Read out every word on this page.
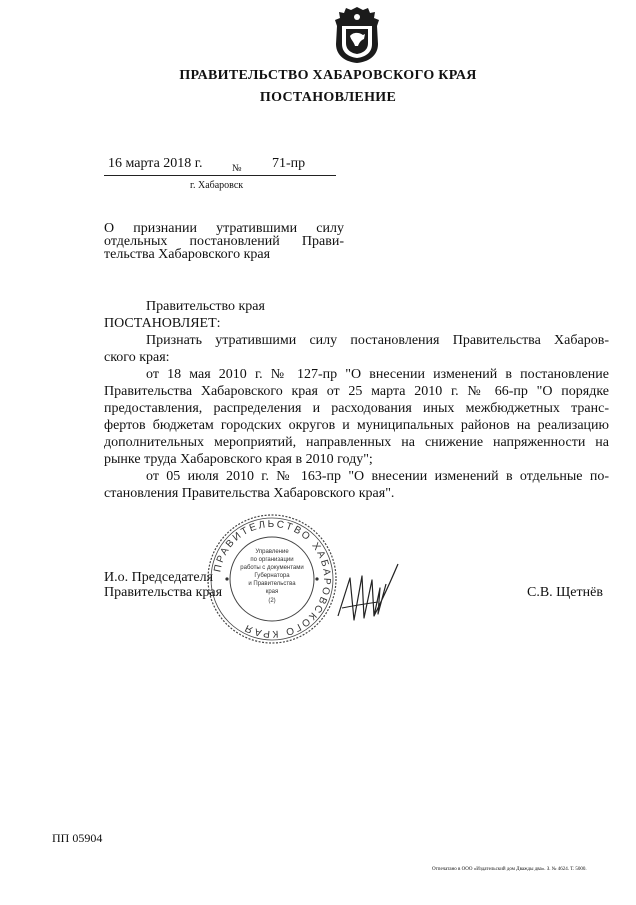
ПРАВИТЕЛЬСТВО ХАБАРОВСКОГО КРАЯ
ПОСТАНОВЛЕНИЕ
16 марта 2018 г.	№ 71-пр
г. Хабаровск
О признании утратившими силу
отдельных постановлений Прави-
тельства Хабаровского края
Правительство края
ПОСТАНОВЛЯЕТ:
Признать утратившими силу постановления Правительства Хабаров-
ского края:
от 18 мая 2010 г. № 127-пр "О внесении изменений в постановление
Правительства Хабаровского края от 25 марта 2010 г. № 66-пр "О порядке
предоставления, распределения и расходования иных межбюджетных транс-
фертов бюджетам городских округов и муниципальных районов на реализацию
дополнительных мероприятий, направленных на снижение напряженности на
рынке труда Хабаровского края в 2010 году";
от 05 июля 2010 г. № 163-пр "О внесении изменений в отдельные по-
становления Правительства Хабаровского края".
ПРАВИТЕЛЬСТВО ХАБАРОВСКОГО КРАЯ
Управление
по организации
работы с документами
Губернатора
и Правительства
края
(2)
И.о. Председателя
Правительства края	С.В. Щетнёв
ПП 05904
Отпечатано в ООО «Издательский дом Дважды два». З. № 4624. Т. 5000.
